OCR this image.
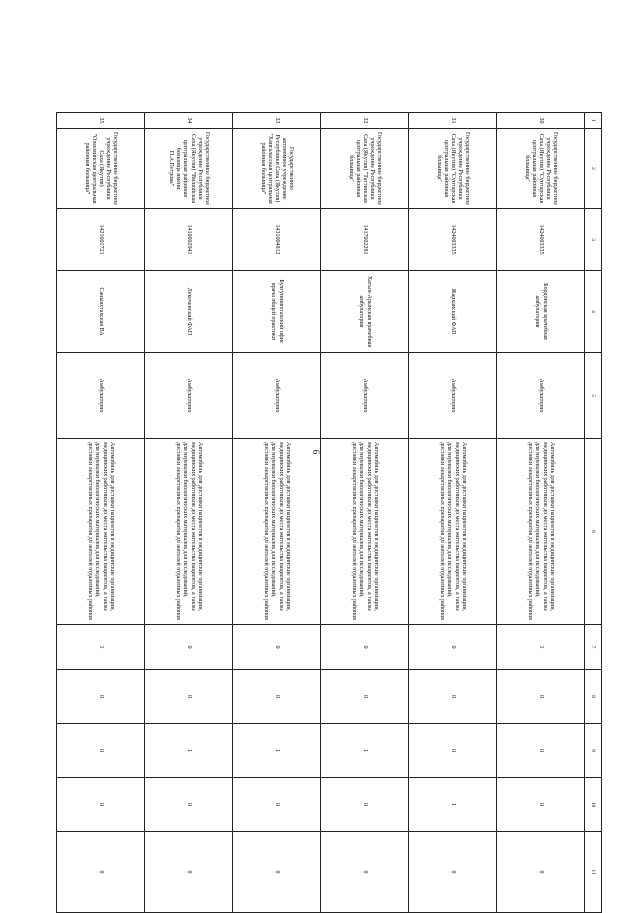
6
1	2	3	4	5	6	7	8	9	10	11
30	Государственное бюджетное учреждение Республики Саха (Якутия) "Сунтарская центральная районная больница"	1424003335	Бордонская врачебная амбулатория	Амбулаторно	Автомобиль для доставки пациентов в медицинские организации, медицинских работников до места жительства пациентов, а также для перевозки биологических материалов для исследований, доставки лекарственных препаратов до жителей отдаленных районов	1	0	0	0	0
31	Государственное бюджетное учреждение Республики Саха (Якутия) "Сунтарская центральная районная больница"	1424003335	Жарханский ФАП	Амбулаторно	Автомобиль для доставки пациентов в медицинские организации, медицинских работников до места жительства пациентов, а также для перевозки биологических материалов для исследований, доставки лекарственных препаратов до жителей отдаленных районов	0	0	0	1	0
32	Государственное бюджетное учреждение Республики Саха (Якутия) "Таттинская центральная районная больница"	1417002281	Хатын-Арынская врачебная амбулатория	Амбулаторно	Автомобиль для доставки пациентов в медицинские организации, медицинских работников до места жительства пациентов, а также для перевозки биологических материалов для исследований, доставки лекарственных препаратов до жителей отдаленных районов	0	0	1	0	0
33	Государственное автономное учреждение Республики Саха (Якутия) "Хангаласская центральная районная больница"	1431004812	Булгуннияхтахский офис врача общей практики	Амбулаторно	Автомобиль для доставки пациентов в медицинские организации, медицинских работников до места жительства пациентов, а также для перевозки биологических материалов для исследований, доставки лекарственных препаратов до жителей отдаленных районов	0	0	1	0	0
34	Государственное бюджетное учреждение Республики Саха (Якутия) "Вилюйская центральная районная больница имени П.А.Петрова"	1410002941	Лекеченский ФАП	Амбулаторно	Автомобиль для доставки пациентов в медицинские организации, медицинских работников до места жительства пациентов, а также для перевозки биологических материалов для исследований, доставки лекарственных препаратов до жителей отдаленных районов	0	0	1	0	0
35	Государственное бюджетное учреждение Республики Саха (Якутия) "Олекминская центральная районная больница"	1421001721	Саныяхтахская ВА	Амбулаторно	Автомобиль для доставки пациентов в медицинские организации, медицинских работников до места жительства пациентов, а также для перевозки биологических материалов для исследований, доставки лекарственных препаратов до жителей отдаленных районов	1	0	0	0	0
